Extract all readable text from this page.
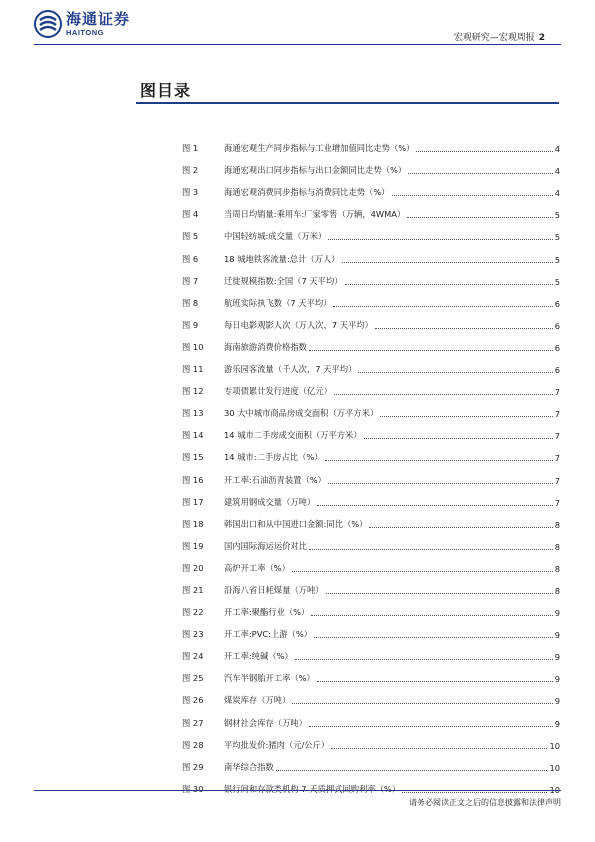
海通证券
HAITONG
宏观研究—宏观周报 2
图目录
图 1	海通宏观生产同步指标与工业增加值同比走势（%）	4
图 2	海通宏观出口同步指标与出口金额同比走势（%）	4
图 3	海通宏观消费同步指标与消费同比走势（%）	4
图 4	当周日均销量:乘用车:厂家零售（万辆，4WMA）	5
图 5	中国轻纺城:成交量（万米）	5
图 6	18 城地铁客流量:总计（万人）	5
图 7	迁徙规模指数:全国（7 天平均）	5
图 8	航班实际执飞数（7 天平均）	6
图 9	每日电影观影人次（万人次，7 天平均）	6
图 10	海南旅游消费价格指数	6
图 11	游乐园客流量（千人次，7 天平均）	6
图 12	专项债累计发行进度（亿元）	7
图 13	30 大中城市商品房成交面积（万平方米）	7
图 14	14 城市二手房成交面积（万平方米）	7
图 15	14 城市:二手房占比（%）	7
图 16	开工率:石油沥青装置（%）	7
图 17	建筑用钢成交量（万吨）	7
图 18	韩国出口和从中国进口金额:同比（%）	8
图 19	国内国际海运运价对比	8
图 20	高炉开工率（%）	8
图 21	沿海八省日耗煤量（万吨）	8
图 22	开工率:聚酯行业（%）	9
图 23	开工率:PVC:上游（%）	9
图 24	开工率:纯碱（%）	9
图 25	汽车半钢胎开工率（%）	9
图 26	煤炭库存（万吨）	9
图 27	钢材社会库存（万吨）	9
图 28	平均批发价:猪肉（元/公斤）	10
图 29	南华综合指数	10
图 30	银行间和存款类机构 7 天质押式回购利率（%）	10
请务必阅读正文之后的信息披露和法律声明
